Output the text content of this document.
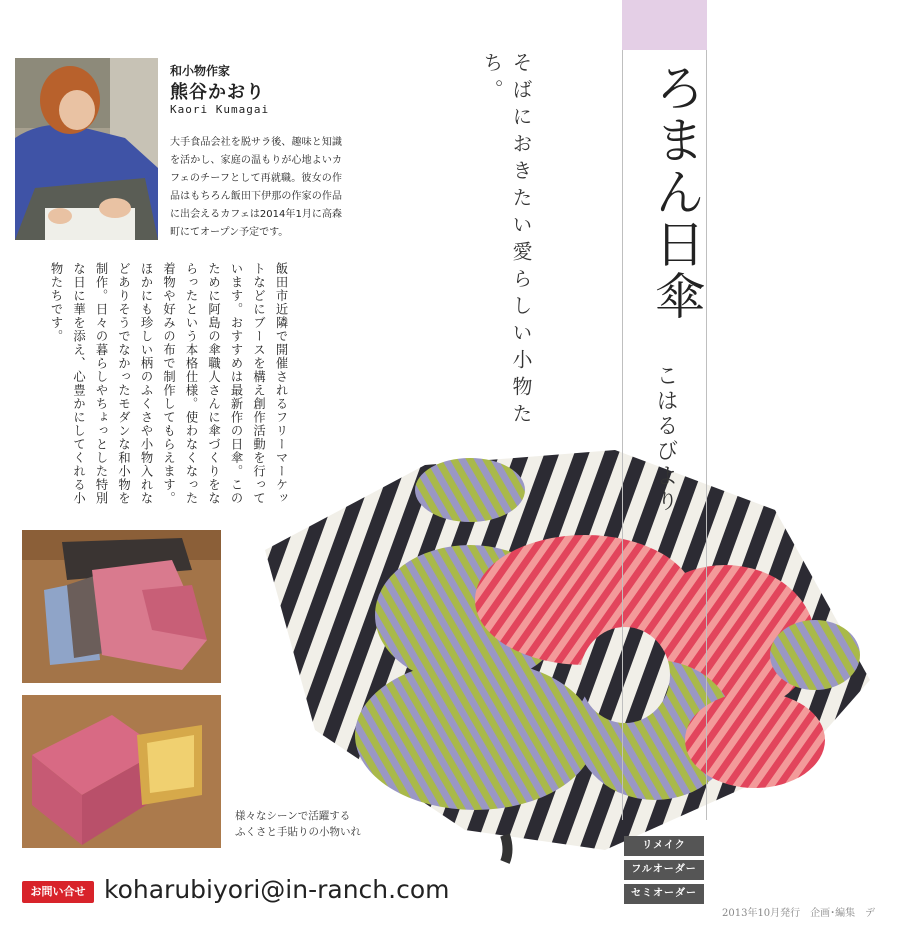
和小物作家
熊谷かおり
Kaori Kumagai
大手食品会社を脱サラ後、趣味と知識を活かし、家庭の温もりが心地よいカフェのチーフとして再就職。彼女の作品はもちろん飯田下伊那の作家の作品に出会えるカフェは2014年1月に高森町にてオープン予定です。
飯田市近隣で開催されるフリーマーケットなどにブースを構え創作活動を行っています。おすすめは最新作の日傘。このために阿島の傘職人さんに傘づくりをならったという本格仕様。使わなくなった着物や好みの布で制作してもらえます。ほかにも珍しい柄のふくさや小物入れなどありそうでなかったモダンな和小物を制作。日々の暮らしやちょっとした特別な日に華を添え、心豊かにしてくれる小物たちです。	そばにおきたい愛らしい小物たち。
様々なシーンで活躍する
ふくさと手貼りの小物いれ
ろまん日傘
こはるびより
リメイク
フルオーダー
セミオーダー
お問い合せ koharubiyori@in-ranch.com
2013年10月発行　企画･編集　デ
